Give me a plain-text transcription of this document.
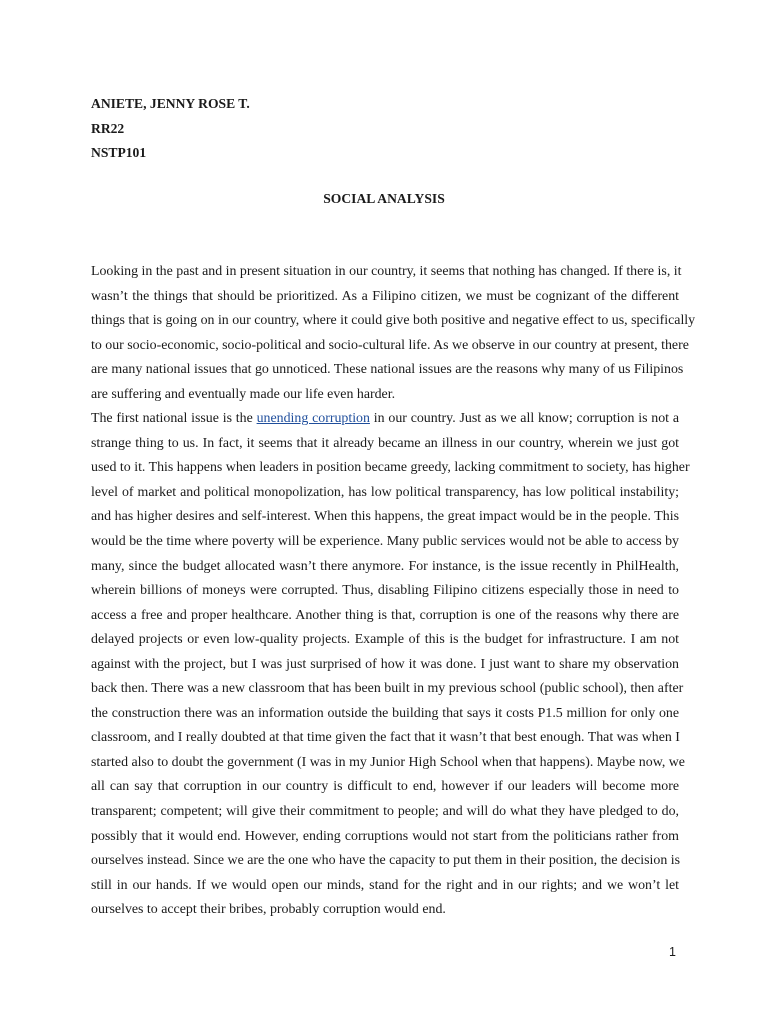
ANIETE, JENNY ROSE T.
RR22
NSTP101
SOCIAL ANALYSIS
Looking in the past and in present situation in our country, it seems that nothing has changed. If there is, it
wasn’t the things that should be prioritized. As a Filipino citizen, we must be cognizant of the different
things that is going on in our country, where it could give both positive and negative effect to us, specifically
to our socio-economic, socio-political and socio-cultural life. As we observe in our country at present, there
are many national issues that go unnoticed. These national issues are the reasons why many of us Filipinos
are suffering and eventually made our life even harder.
The first national issue is the unending corruption in our country. Just as we all know; corruption is not a
strange thing to us. In fact, it seems that it already became an illness in our country, wherein we just got
used to it. This happens when leaders in position became greedy, lacking commitment to society, has higher
level of market and political monopolization, has low political transparency, has low political instability;
and has higher desires and self-interest. When this happens, the great impact would be in the people. This
would be the time where poverty will be experience. Many public services would not be able to access by
many, since the budget allocated wasn’t there anymore. For instance, is the issue recently in PhilHealth,
wherein billions of moneys were corrupted. Thus, disabling Filipino citizens especially those in need to
access a free and proper healthcare. Another thing is that, corruption is one of the reasons why there are
delayed projects or even low-quality projects. Example of this is the budget for infrastructure. I am not
against with the project, but I was just surprised of how it was done. I just want to share my observation
back then. There was a new classroom that has been built in my previous school (public school), then after
the construction there was an information outside the building that says it costs P1.5 million for only one
classroom, and I really doubted at that time given the fact that it wasn’t that best enough. That was when I
started also to doubt the government (I was in my Junior High School when that happens). Maybe now, we
all can say that corruption in our country is difficult to end, however if our leaders will become more
transparent; competent; will give their commitment to people; and will do what they have pledged to do,
possibly that it would end. However, ending corruptions would not start from the politicians rather from
ourselves instead. Since we are the one who have the capacity to put them in their position, the decision is
still in our hands. If we would open our minds, stand for the right and in our rights; and we won’t let
ourselves to accept their bribes, probably corruption would end.
1
